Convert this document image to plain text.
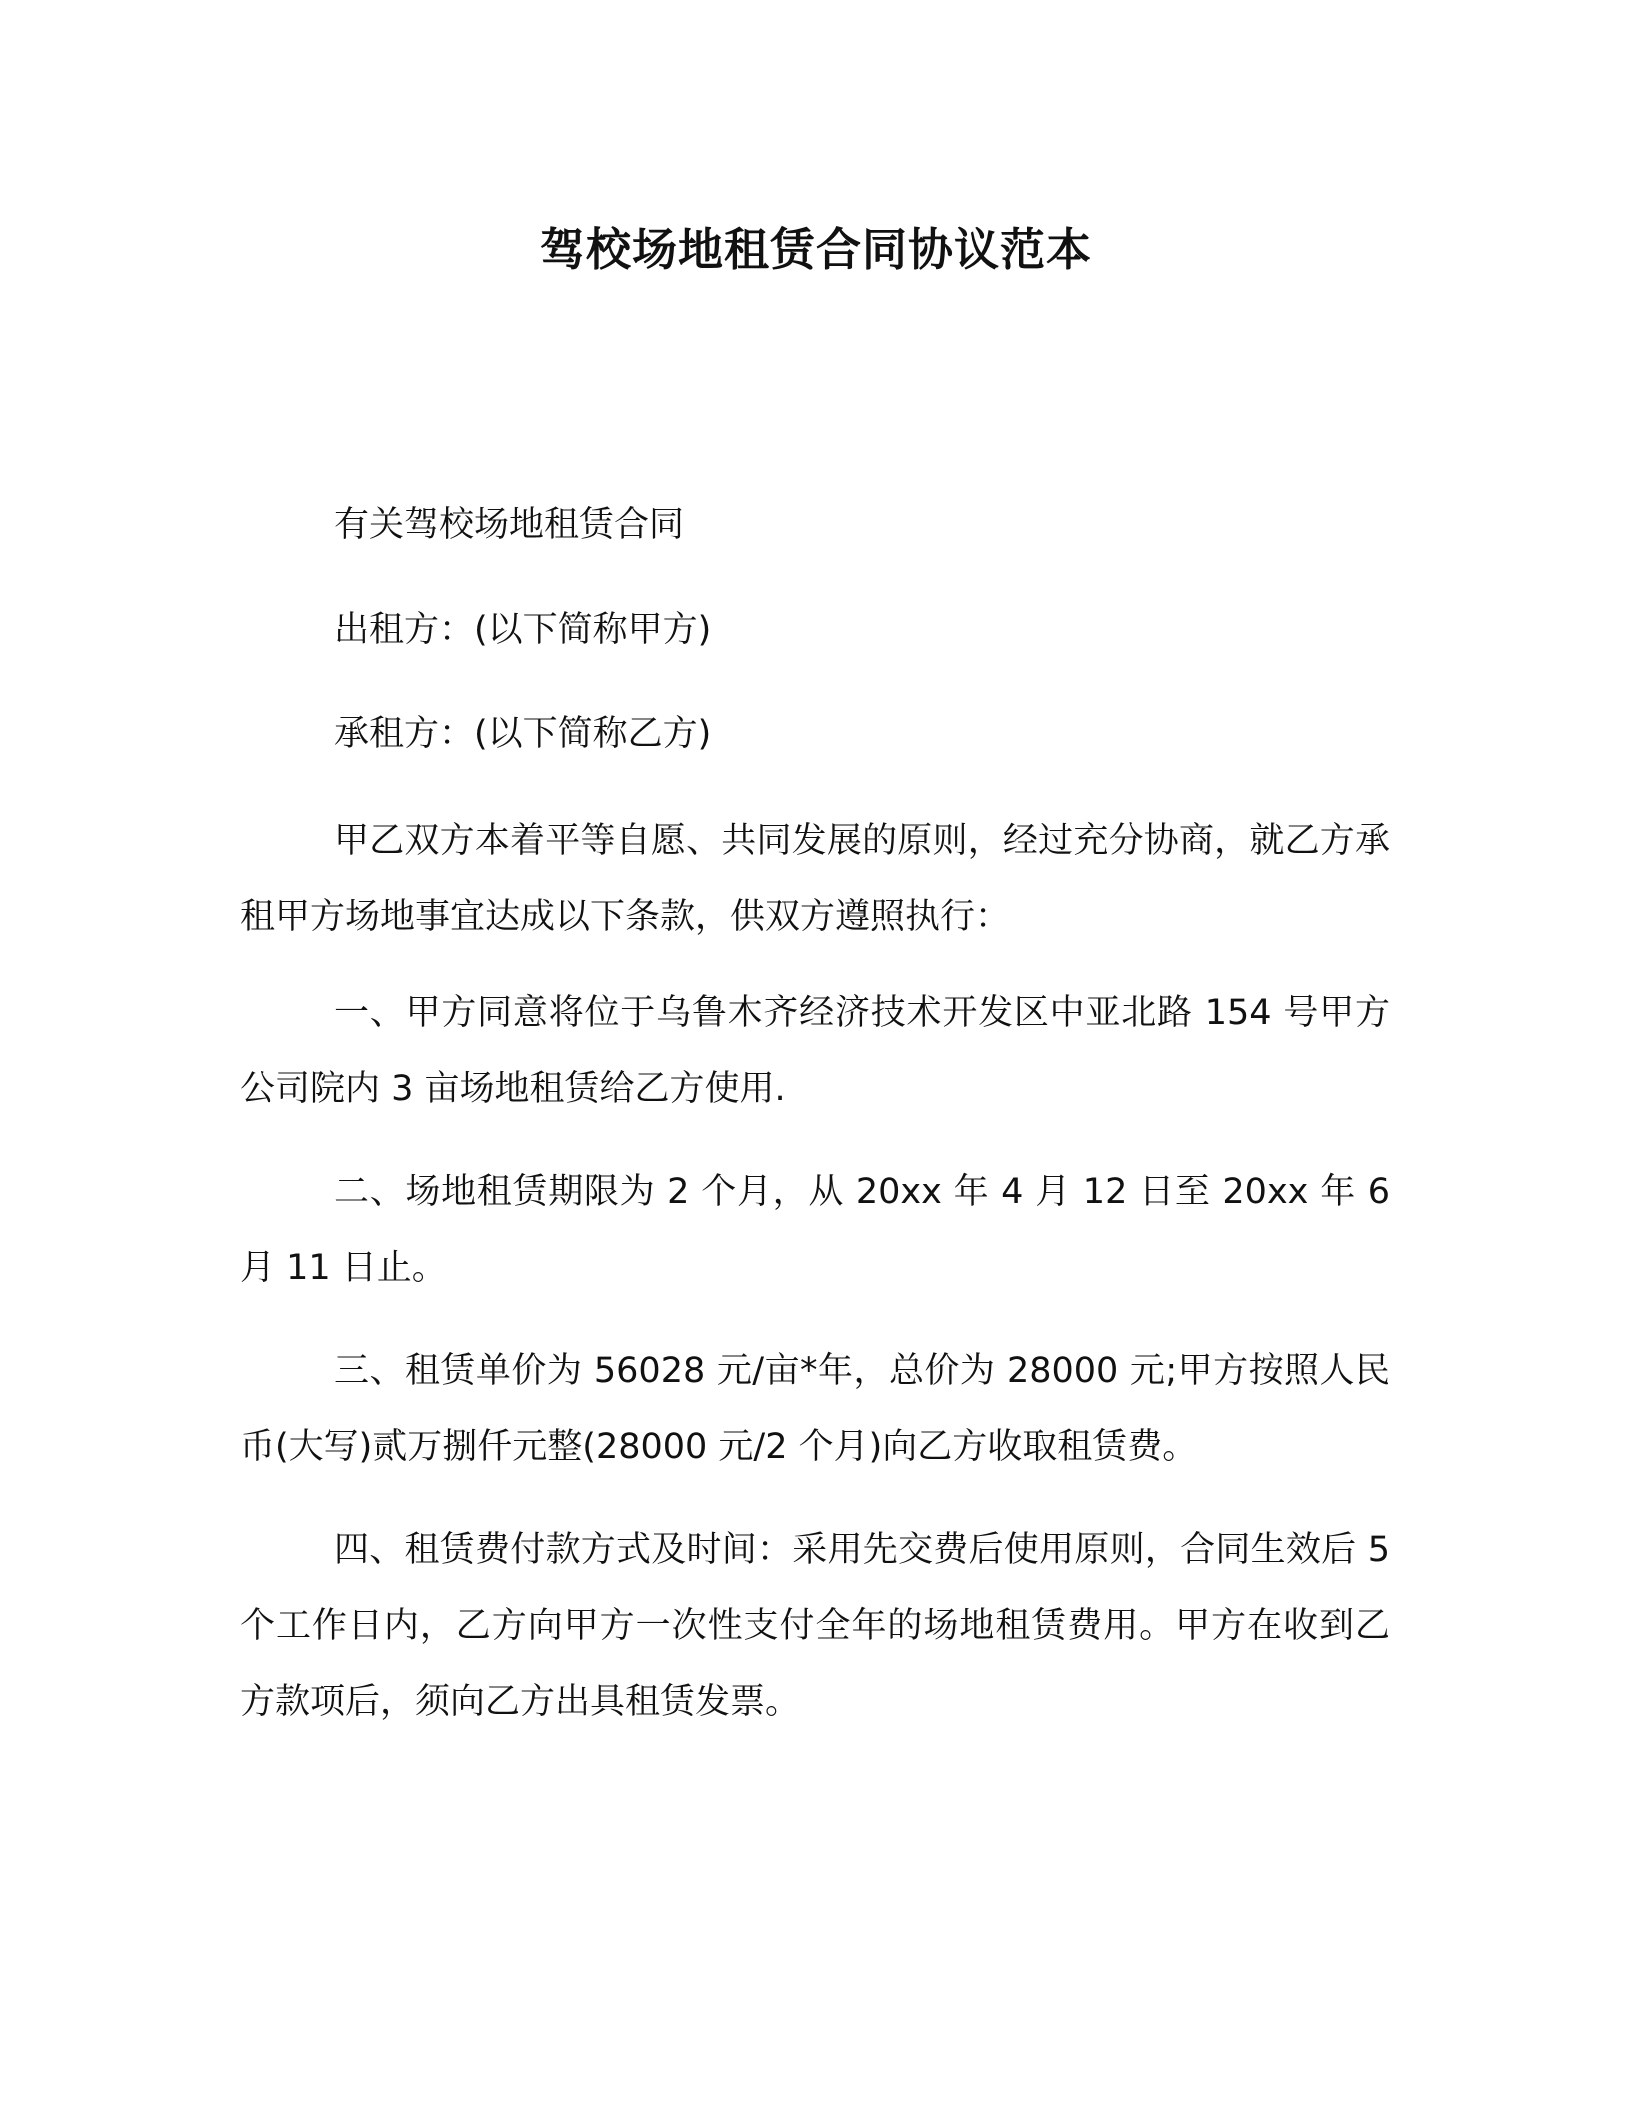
驾校场地租赁合同协议范本

有关驾校场地租赁合同

出租方：(以下简称甲方)

承租方：(以下简称乙方)

甲乙双方本着平等自愿、共同发展的原则，经过充分协商，就乙方承租甲方场地事宜达成以下条款，供双方遵照执行：

一、甲方同意将位于乌鲁木齐经济技术开发区中亚北路 154 号甲方公司院内 3 亩场地租赁给乙方使用.

二、场地租赁期限为 2 个月，从 20xx 年 4 月 12 日至 20xx 年 6 月 11 日止。

三、租赁单价为 56028 元/亩*年，总价为 28000 元;甲方按照人民币(大写)贰万捌仟元整(28000 元/2 个月)向乙方收取租赁费。

四、租赁费付款方式及时间：采用先交费后使用原则，合同生效后 5 个工作日内，乙方向甲方一次性支付全年的场地租赁费用。甲方在收到乙方款项后，须向乙方出具租赁发票。
